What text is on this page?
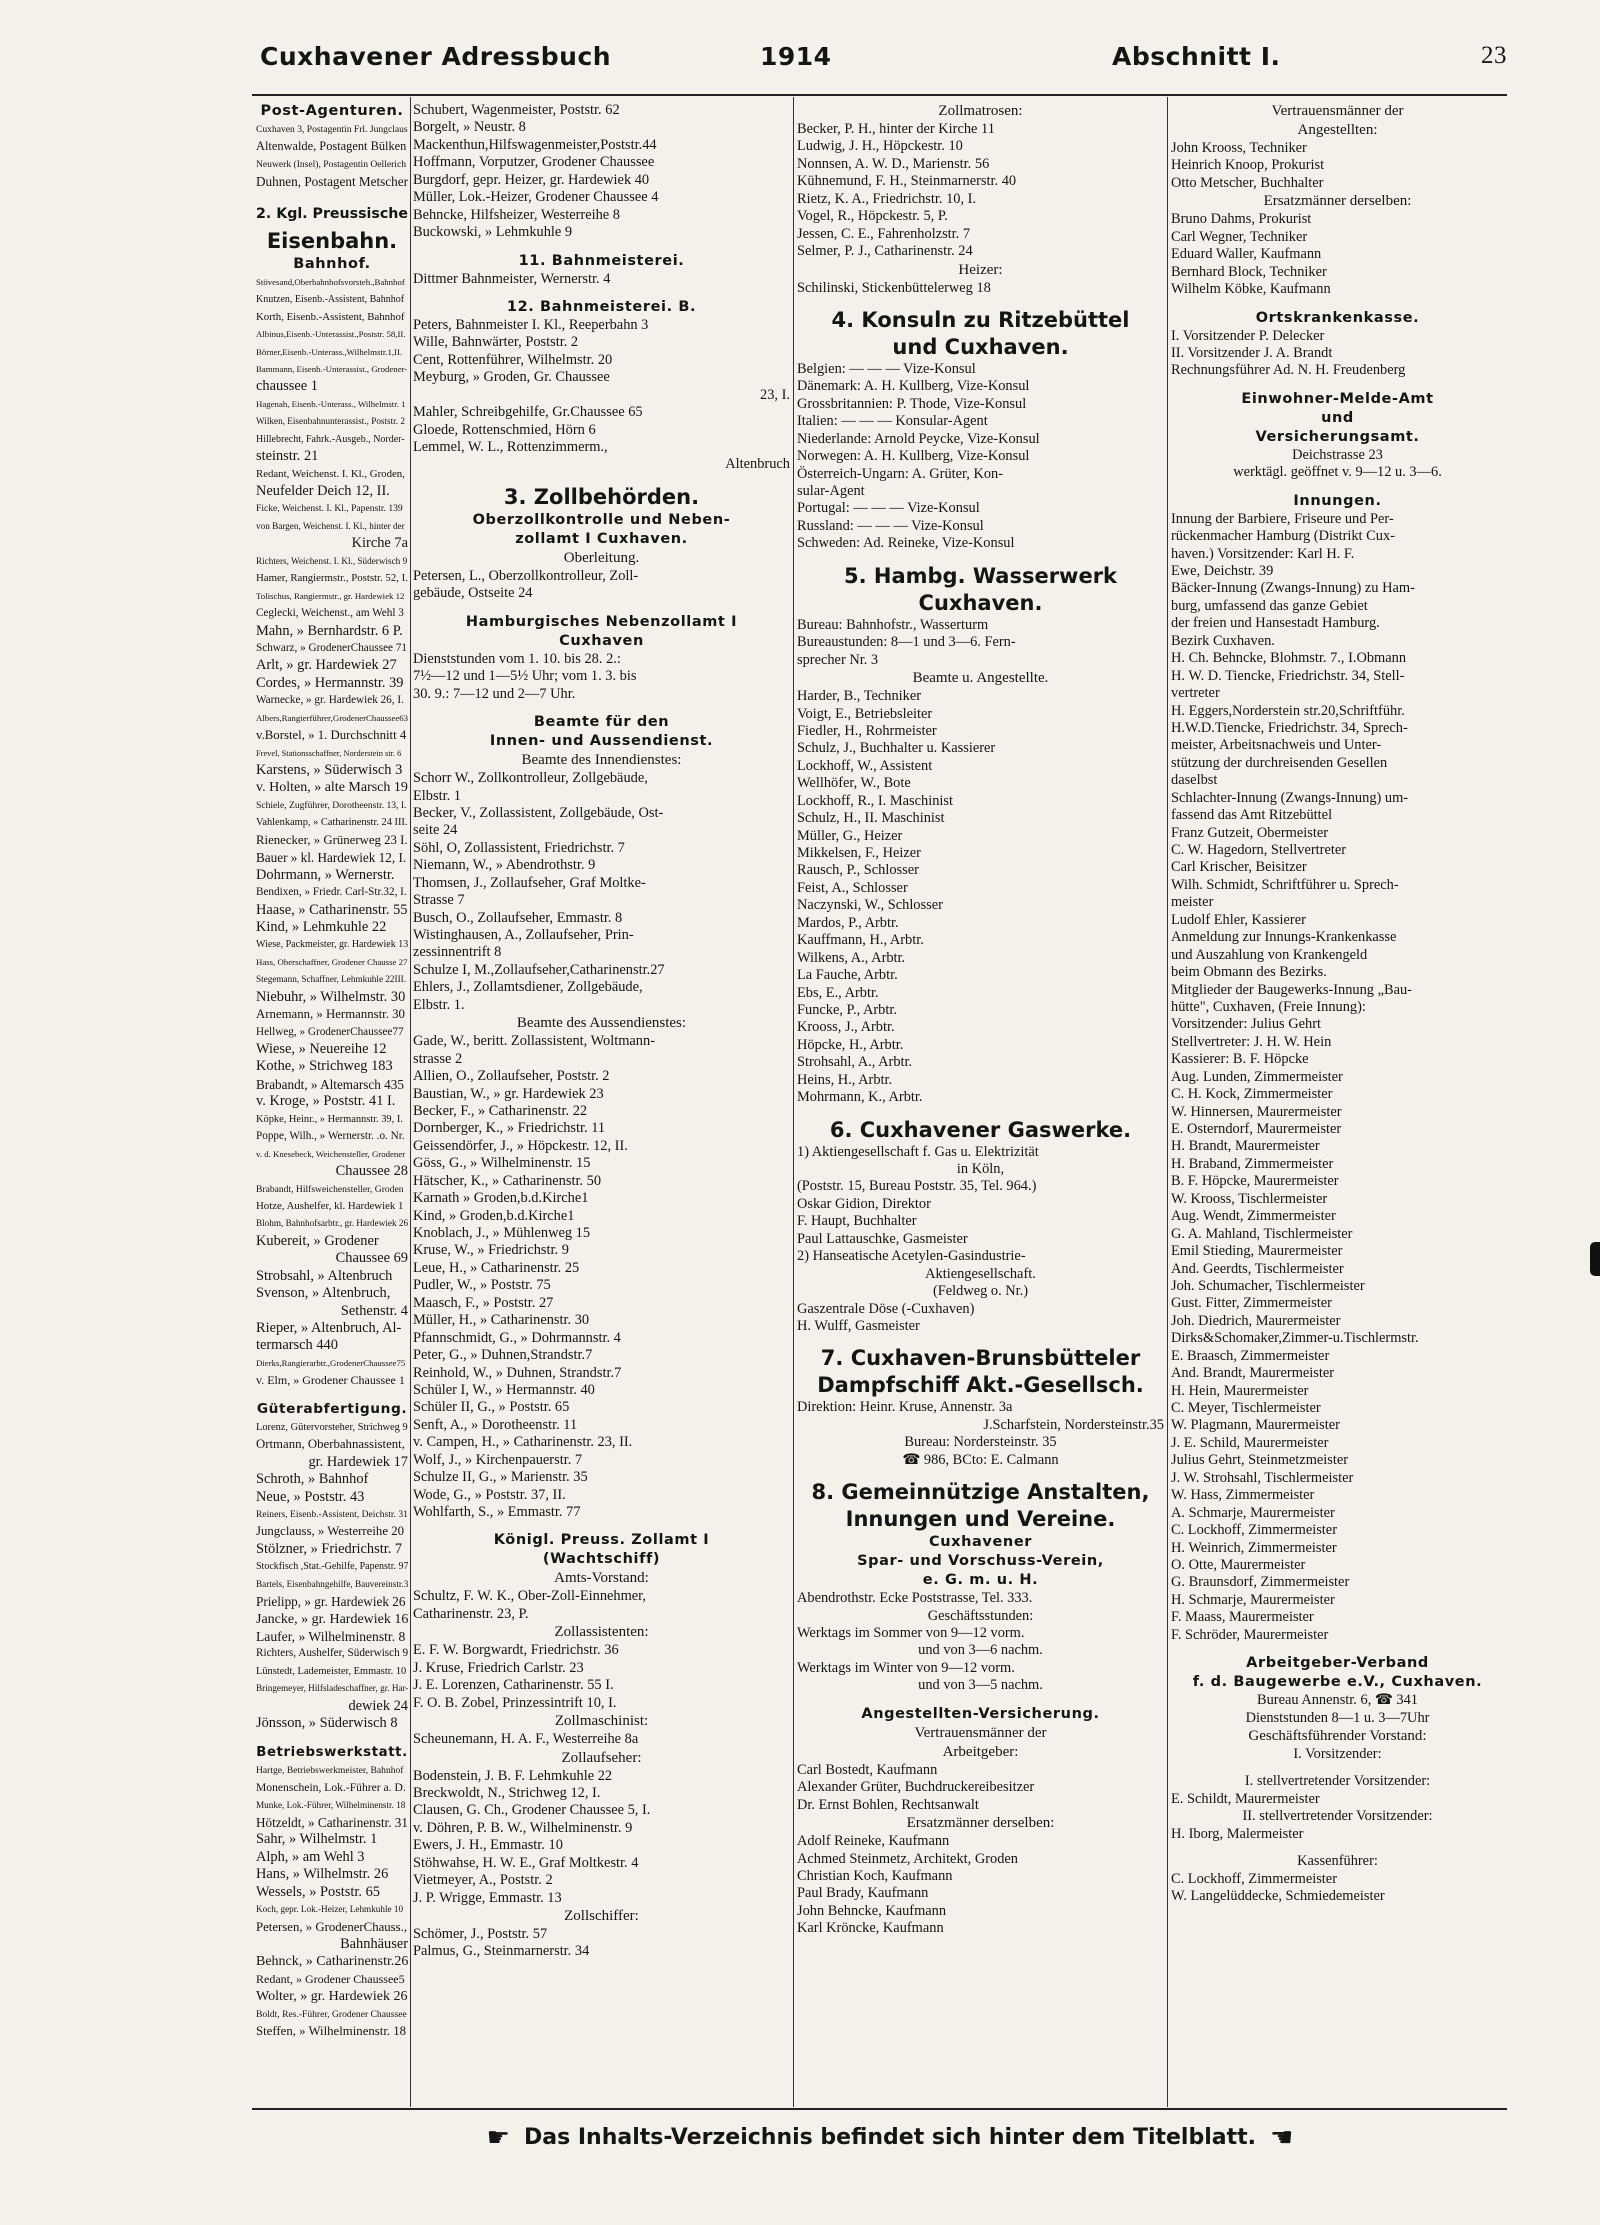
Cuxhavener Adressbuch	1914	Abschnitt I.	23
Post-Agenturen.
Cuxhaven 3, Postagentin Frl. Jungclaus
Altenwalde, Postagent Bülken
Neuwerk (Insel), Postagentin Oellerich
Duhnen, Postagent Metscher
2. Kgl. Preussische
Eisenbahn.
Bahnhof.
Stövesand,Oberbahnhofsvorsteh.,Bahnhof
Knutzen, Eisenb.-Assistent, Bahnhof
Korth, Eisenb.-Assistent, Bahnhof
Albinus,Eisenb.-Unterassist.,Poststr. 58,II.
Börner,Eisenb.-Unterass.,Wilhelmstr.1,II.
Bammann, Eisenb.-Unterassist., Grodener-
chaussee 1
Hagenah, Eisenb.-Unterass., Wilhelmstr. 1
Wilken, Eisenbahnunterassist., Poststr. 2
Hillebrecht, Fahrk.-Ausgeb., Norder-
steinstr. 21
Redant, Weichenst. I. Kl., Groden,
Neufelder Deich 12, II.
Ficke, Weichenst. I. Kl., Papenstr. 139
von Bargen, Weichenst. I. Kl., hinter der
Kirche 7a
Richters, Weichenst. I. Kl., Süderwisch 9
Hamer, Rangiermstr., Poststr. 52, I.
Tolischus, Rangiermstr., gr. Hardewiek 12
Ceglecki, Weichenst., am Wehl 3
Mahn, » Bernhardstr. 6 P.
Schwarz, » GrodenerChaussee 71
Arlt, » gr. Hardewiek 27
Cordes, » Hermannstr. 39
Warnecke, » gr. Hardewiek 26, I.
Albers,Rangierführer,GrodenerChaussee63
v.Borstel, » 1. Durchschnitt 4
Frevel, Stationsschaffner, Norderstein str. 6
Karstens, » Süderwisch 3
v. Holten, » alte Marsch 19
Schiele, Zugführer, Dorotheenstr. 13, I.
Vahlenkamp, » Catharinenstr. 24 III.
Rienecker, » Grünerweg 23 I.
Bauer » kl. Hardewiek 12, I.
Dohrmann, » Wernerstr.
Bendixen, » Friedr. Carl-Str.32, I.
Haase, » Catharinenstr. 55
Kind, » Lehmkuhle 22
Wiese, Packmeister, gr. Hardewiek 13
Hass, Oberschaffner, Grodener Chausse 27
Stegemann, Schaffner, Lehmkuhle 22III.
Niebuhr, » Wilhelmstr. 30
Arnemann, » Hermannstr. 30
Hellweg, » GrodenerChaussee77
Wiese, » Neuereihe 12
Kothe, » Strichweg 183
Brabandt, » Altemarsch 435
v. Kroge, » Poststr. 41 I.
Köpke, Heinr., » Hermannstr. 39, I.
Poppe, Wilh., » Wernerstr. .o. Nr.
v. d. Knesebeck, Weichensteller, Grodener
Chaussee 28
Brabandt, Hilfsweichensteller, Groden
Hotze, Aushelfer, kl. Hardewiek 1
Blohm, Bahnhofsarbtr., gr. Hardewiek 26
Kubereit, » Grodener
Chaussee 69
Strobsahl, » Altenbruch
Svenson, » Altenbruch,
Sethenstr. 4
Rieper, » Altenbruch, Al-
termarsch 440
Dierks,Rangierarbtr.,GrodenerChaussee75
v. Elm, » Grodener Chaussee 1
Güterabfertigung.
Lorenz, Gütervorsteher, Strichweg 9
Ortmann, Oberbahnassistent,
gr. Hardewiek 17
Schroth, » Bahnhof
Neue, » Poststr. 43
Reiners, Eisenb.-Assistent, Deichstr. 31
Jungclauss, » Westerreihe 20
Stölzner, » Friedrichstr. 7
Stockfisch ,Stat.-Gehilfe, Papenstr. 97
Bartels, Eisenbahngehilfe, Bauvereinstr.3
Prielipp, » gr. Hardewiek 26
Jancke, » gr. Hardewiek 16
Laufer, » Wilhelminenstr. 8
Richters, Aushelfer, Süderwisch 9
Lünstedt, Lademeister, Emmastr. 10
Bringemeyer, Hilfsladeschaffner, gr. Har-
dewiek 24
Jönsson, » Süderwisch 8
Betriebswerkstatt.
Hartge, Betriebswerkmeister, Bahnhof
Monenschein, Lok.-Führer a. D.
Munke, Lok.-Führer, Wilhelminenstr. 18
Hötzeldt, » Catharinenstr. 31
Sahr, » Wilhelmstr. 1
Alph, » am Wehl 3
Hans, » Wilhelmstr. 26
Wessels, » Poststr. 65
Koch, gepr. Lok.-Heizer, Lehmkuhle 10
Petersen, » GrodenerChauss.,
Bahnhäuser
Behnck, » Catharinenstr.26
Redant, » Grodener Chaussee5
Wolter, » gr. Hardewiek 26
Boldt, Res.-Führer, Grodener Chaussee
Steffen, » Wilhelminenstr. 18
Schubert, Wagenmeister, Poststr. 62
Borgelt, » Neustr. 8
Mackenthun,Hilfswagenmeister,Poststr.44
Hoffmann, Vorputzer, Grodener Chaussee
Burgdorf, gepr. Heizer, gr. Hardewiek 40
Müller, Lok.-Heizer, Grodener Chaussee 4
Behncke, Hilfsheizer, Westerreihe 8
Buckowski, » Lehmkuhle 9
11. Bahnmeisterei.
Dittmer Bahnmeister, Wernerstr. 4
12. Bahnmeisterei. B.
Peters, Bahnmeister I. Kl., Reeperbahn 3
Wille, Bahnwärter, Poststr. 2
Cent, Rottenführer, Wilhelmstr. 20
Meyburg, » Groden, Gr. Chaussee
23, I.
Mahler, Schreibgehilfe, Gr.Chaussee 65
Gloede, Rottenschmied, Hörn 6
Lemmel, W. L., Rottenzimmerm.,
Altenbruch
3. Zollbehörden.
Oberzollkontrolle und Neben-
zollamt I Cuxhaven.
Oberleitung.
Petersen, L., Oberzollkontrolleur, Zoll-
gebäude, Ostseite 24
Hamburgisches Nebenzollamt I
Cuxhaven
Dienststunden vom 1. 10. bis 28. 2.:
7½—12 und 1—5½ Uhr; vom 1. 3. bis
30. 9.: 7—12 und 2—7 Uhr.
Beamte für den
Innen- und Aussendienst.
Beamte des Innendienstes:
Schorr W., Zollkontrolleur, Zollgebäude,
Elbstr. 1
Becker, V., Zollassistent, Zollgebäude, Ost-
seite 24
Söhl, O, Zollassistent, Friedrichstr. 7
Niemann, W., » Abendrothstr. 9
Thomsen, J., Zollaufseher, Graf Moltke-
Strasse 7
Busch, O., Zollaufseher, Emmastr. 8
Wistinghausen, A., Zollaufseher, Prin-
zessinnentrift 8
Schulze I, M.,Zollaufseher,Catharinenstr.27
Ehlers, J., Zollamtsdiener, Zollgebäude,
Elbstr. 1.
Beamte des Aussendienstes:
Gade, W., beritt. Zollassistent, Woltmann-
strasse 2
Allien, O., Zollaufseher, Poststr. 2
Baustian, W., » gr. Hardewiek 23
Becker, F., » Catharinenstr. 22
Dornberger, K., » Friedrichstr. 11
Geissendörfer, J., » Höpckestr. 12, II.
Göss, G., » Wilhelminenstr. 15
Hätscher, K., » Catharinenstr. 50
Karnath » Groden,b.d.Kirche1
Kind, » Groden,b.d.Kirche1
Knoblach, J., » Mühlenweg 15
Kruse, W., » Friedrichstr. 9
Leue, H., » Catharinenstr. 25
Pudler, W., » Poststr. 75
Maasch, F., » Poststr. 27
Müller, H., » Catharinenstr. 30
Pfannschmidt, G., » Dohrmannstr. 4
Peter, G., » Duhnen,Strandstr.7
Reinhold, W., » Duhnen, Strandstr.7
Schüler I, W., » Hermannstr. 40
Schüler II, G., » Poststr. 65
Senft, A., » Dorotheenstr. 11
v. Campen, H., » Catharinenstr. 23, II.
Wolf, J., » Kirchenpauerstr. 7
Schulze II, G., » Marienstr. 35
Wode, G., » Poststr. 37, II.
Wohlfarth, S., » Emmastr. 77
Königl. Preuss. Zollamt I
(Wachtschiff)
Amts-Vorstand:
Schultz, F. W. K., Ober-Zoll-Einnehmer,
Catharinenstr. 23, P.
Zollassistenten:
E. F. W. Borgwardt, Friedrichstr. 36
J. Kruse, Friedrich Carlstr. 23
J. E. Lorenzen, Catharinenstr. 55 I.
F. O. B. Zobel, Prinzessintrift 10, I.
Zollmaschinist:
Scheunemann, H. A. F., Westerreihe 8a
Zollaufseher:
Bodenstein, J. B. F. Lehmkuhle 22
Breckwoldt, N., Strichweg 12, I.
Clausen, G. Ch., Grodener Chaussee 5, I.
v. Döhren, P. B. W., Wilhelminenstr. 9
Ewers, J. H., Emmastr. 10
Stöhwahse, H. W. E., Graf Moltkestr. 4
Vietmeyer, A., Poststr. 2
J. P. Wrigge, Emmastr. 13
Zollschiffer:
Schömer, J., Poststr. 57
Palmus, G., Steinmarnerstr. 34
Zollmatrosen:
Becker, P. H., hinter der Kirche 11
Ludwig, J. H., Höpckestr. 10
Nonnsen, A. W. D., Marienstr. 56
Kühnemund, F. H., Steinmarnerstr. 40
Rietz, K. A., Friedrichstr. 10, I.
Vogel, R., Höpckestr. 5, P.
Jessen, C. E., Fahrenholzstr. 7
Selmer, P. J., Catharinenstr. 24
Heizer:
Schilinski, Stickenbüttelerweg 18
4. Konsuln zu Ritzebüttel
und Cuxhaven.
Belgien: — — — Vize-Konsul
Dänemark: A. H. Kullberg, Vize-Konsul
Grossbritannien: P. Thode, Vize-Konsul
Italien: — — — Konsular-Agent
Niederlande: Arnold Peycke, Vize-Konsul
Norwegen: A. H. Kullberg, Vize-Konsul
Österreich-Ungarn: A. Grüter, Kon-
sular-Agent
Portugal: — — — Vize-Konsul
Russland: — — — Vize-Konsul
Schweden: Ad. Reineke, Vize-Konsul
5. Hambg. Wasserwerk
Cuxhaven.
Bureau: Bahnhofstr., Wasserturm
Bureaustunden: 8—1 und 3—6. Fern-
sprecher Nr. 3
Beamte u. Angestellte.
Harder, B., Techniker
Voigt, E., Betriebsleiter
Fiedler, H., Rohrmeister
Schulz, J., Buchhalter u. Kassierer
Lockhoff, W., Assistent
Wellhöfer, W., Bote
Lockhoff, R., I. Maschinist
Schulz, H., II. Maschinist
Müller, G., Heizer
Mikkelsen, F., Heizer
Rausch, P., Schlosser
Feist, A., Schlosser
Naczynski, W., Schlosser
Mardos, P., Arbtr.
Kauffmann, H., Arbtr.
Wilkens, A., Arbtr.
La Fauche, Arbtr.
Ebs, E., Arbtr.
Funcke, P., Arbtr.
Krooss, J., Arbtr.
Höpcke, H., Arbtr.
Strohsahl, A., Arbtr.
Heins, H., Arbtr.
Mohrmann, K., Arbtr.
6. Cuxhavener Gaswerke.
1) Aktiengesellschaft f. Gas u. Elektrizität
in Köln,
(Poststr. 15, Bureau Poststr. 35, Tel. 964.)
Oskar Gidion, Direktor
F. Haupt, Buchhalter
Paul Lattauschke, Gasmeister
2) Hanseatische Acetylen-Gasindustrie-
Aktiengesellschaft.
(Feldweg o. Nr.)
Gaszentrale Döse (-Cuxhaven)
H. Wulff, Gasmeister
7. Cuxhaven-Brunsbütteler
Dampfschiff Akt.-Gesellsch.
Direktion: Heinr. Kruse, Annenstr. 3a
J.Scharfstein, Nordersteinstr.35
Bureau: Nordersteinstr. 35
☎ 986, BCto: E. Calmann
8. Gemeinnützige Anstalten,
Innungen und Vereine.
Cuxhavener
Spar- und Vorschuss-Verein,
e. G. m. u. H.
Abendrothstr. Ecke Poststrasse, Tel. 333.
Geschäftsstunden:
Werktags im Sommer von 9—12 vorm.
und von 3—6 nachm.
Werktags im Winter von 9—12 vorm.
und von 3—5 nachm.
Angestellten-Versicherung.
Vertrauensmänner der
Arbeitgeber:
Carl Bostedt, Kaufmann
Alexander Grüter, Buchdruckereibesitzer
Dr. Ernst Bohlen, Rechtsanwalt
Ersatzmänner derselben:
Adolf Reineke, Kaufmann
Achmed Steinmetz, Architekt, Groden
Christian Koch, Kaufmann
Paul Brady, Kaufmann
John Behncke, Kaufmann
Karl Kröncke, Kaufmann
Vertrauensmänner der
Angestellten:
John Krooss, Techniker
Heinrich Knoop, Prokurist
Otto Metscher, Buchhalter
Ersatzmänner derselben:
Bruno Dahms, Prokurist
Carl Wegner, Techniker
Eduard Waller, Kaufmann
Bernhard Block, Techniker
Wilhelm Köbke, Kaufmann
Ortskrankenkasse.
I. Vorsitzender P. Delecker
II. Vorsitzender J. A. Brandt
Rechnungsführer Ad. N. H. Freudenberg
Einwohner-Melde-Amt
und
Versicherungsamt.
Deichstrasse 23
werktägl. geöffnet v. 9—12 u. 3—6.
Innungen.
Innung der Barbiere, Friseure und Per-
rückenmacher Hamburg (Distrikt Cux-
haven.) Vorsitzender: Karl H. F.
Ewe, Deichstr. 39
Bäcker-Innung (Zwangs-Innung) zu Ham-
burg, umfassend das ganze Gebiet
der freien und Hansestadt Hamburg.
Bezirk Cuxhaven.
H. Ch. Behncke, Blohmstr. 7., I.Obmann
H. W. D. Tiencke, Friedrichstr. 34, Stell-
vertreter
H. Eggers,Norderstein str.20,Schriftführ.
H.W.D.Tiencke, Friedrichstr. 34, Sprech-
meister, Arbeitsnachweis und Unter-
stützung der durchreisenden Gesellen
daselbst
Schlachter-Innung (Zwangs-Innung) um-
fassend das Amt Ritzebüttel
Franz Gutzeit, Obermeister
C. W. Hagedorn, Stellvertreter
Carl Krischer, Beisitzer
Wilh. Schmidt, Schriftführer u. Sprech-
meister
Ludolf Ehler, Kassierer
Anmeldung zur Innungs-Krankenkasse
und Auszahlung von Krankengeld
beim Obmann des Bezirks.
Mitglieder der Baugewerks-Innung „Bau-
hütte", Cuxhaven, (Freie Innung):
Vorsitzender: Julius Gehrt
Stellvertreter: J. H. W. Hein
Kassierer: B. F. Höpcke
Aug. Lunden, Zimmermeister
C. H. Kock, Zimmermeister
W. Hinnersen, Maurermeister
E. Osterndorf, Maurermeister
H. Brandt, Maurermeister
H. Braband, Zimmermeister
B. F. Höpcke, Maurermeister
W. Krooss, Tischlermeister
Aug. Wendt, Zimmermeister
G. A. Mahland, Tischlermeister
Emil Stieding, Maurermeister
And. Geerdts, Tischlermeister
Joh. Schumacher, Tischlermeister
Gust. Fitter, Zimmermeister
Joh. Diedrich, Maurermeister
Dirks&Schomaker,Zimmer-u.Tischlermstr.
E. Braasch, Zimmermeister
And. Brandt, Maurermeister
H. Hein, Maurermeister
C. Meyer, Tischlermeister
W. Plagmann, Maurermeister
J. E. Schild, Maurermeister
Julius Gehrt, Steinmetzmeister
J. W. Strohsahl, Tischlermeister
W. Hass, Zimmermeister
A. Schmarje, Maurermeister
C. Lockhoff, Zimmermeister
H. Weinrich, Zimmermeister
O. Otte, Maurermeister
G. Braunsdorf, Zimmermeister
H. Schmarje, Maurermeister
F. Maass, Maurermeister
F. Schröder, Maurermeister
Arbeitgeber-Verband
f. d. Baugewerbe e.V., Cuxhaven.
Bureau Annenstr. 6, ☎ 341
Dienststunden 8—1 u. 3—7Uhr
Geschäftsführender Vorstand:
I. Vorsitzender:
I. stellvertretender Vorsitzender:
E. Schildt, Maurermeister
II. stellvertretender Vorsitzender:
H. Iborg, Malermeister
Kassenführer:
C. Lockhoff, Zimmermeister
W. Langelüddecke, Schmiedemeister
☛ Das Inhalts-Verzeichnis befindet sich hinter dem Titelblatt. ☚
